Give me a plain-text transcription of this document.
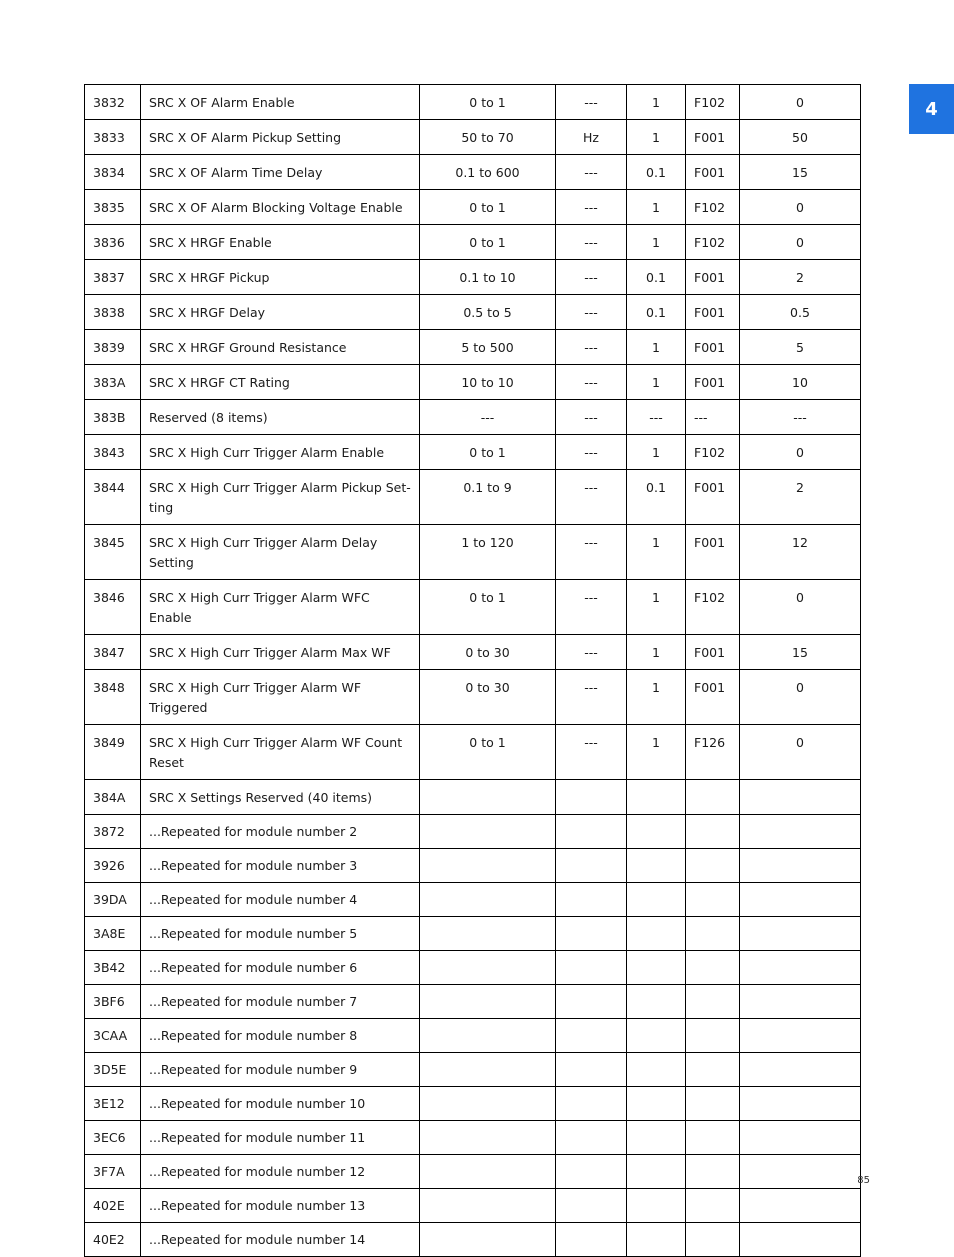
4
3832	SRC X OF Alarm Enable	0 to 1	---	1	F102	0
3833	SRC X OF Alarm Pickup Setting	50 to 70	Hz	1	F001	50
3834	SRC X OF Alarm Time Delay	0.1 to 600	---	0.1	F001	15
3835	SRC X OF Alarm Blocking Voltage Enable	0 to 1	---	1	F102	0
3836	SRC X HRGF Enable	0 to 1	---	1	F102	0
3837	SRC X HRGF Pickup	0.1 to 10	---	0.1	F001	2
3838	SRC X HRGF Delay	0.5 to 5	---	0.1	F001	0.5
3839	SRC X HRGF Ground Resistance	5 to 500	---	1	F001	5
383A	SRC X HRGF CT Rating	10 to 10	---	1	F001	10
383B	Reserved (8 items)	---	---	---	---	---
3843	SRC X High Curr Trigger Alarm Enable	0 to 1	---	1	F102	0
3844	SRC X High Curr Trigger Alarm Pickup Set-ting	0.1 to 9	---	0.1	F001	2
3845	SRC X High Curr Trigger Alarm Delay Setting	1 to 120	---	1	F001	12
3846	SRC X High Curr Trigger Alarm WFC Enable	0 to 1	---	1	F102	0
3847	SRC X High Curr Trigger Alarm Max WF	0 to 30	---	1	F001	15
3848	SRC X High Curr Trigger Alarm WF Triggered	0 to 30	---	1	F001	0
3849	SRC X High Curr Trigger Alarm WF Count Reset	0 to 1	---	1	F126	0
384A	SRC X Settings Reserved (40 items)					
3872	...Repeated for module number 2					
3926	...Repeated for module number 3					
39DA	...Repeated for module number 4					
3A8E	...Repeated for module number 5					
3B42	...Repeated for module number 6					
3BF6	...Repeated for module number 7					
3CAA	...Repeated for module number 8					
3D5E	...Repeated for module number 9					
3E12	...Repeated for module number 10					
3EC6	...Repeated for module number 11					
3F7A	...Repeated for module number 12					
402E	...Repeated for module number 13					
40E2	...Repeated for module number 14					
85
